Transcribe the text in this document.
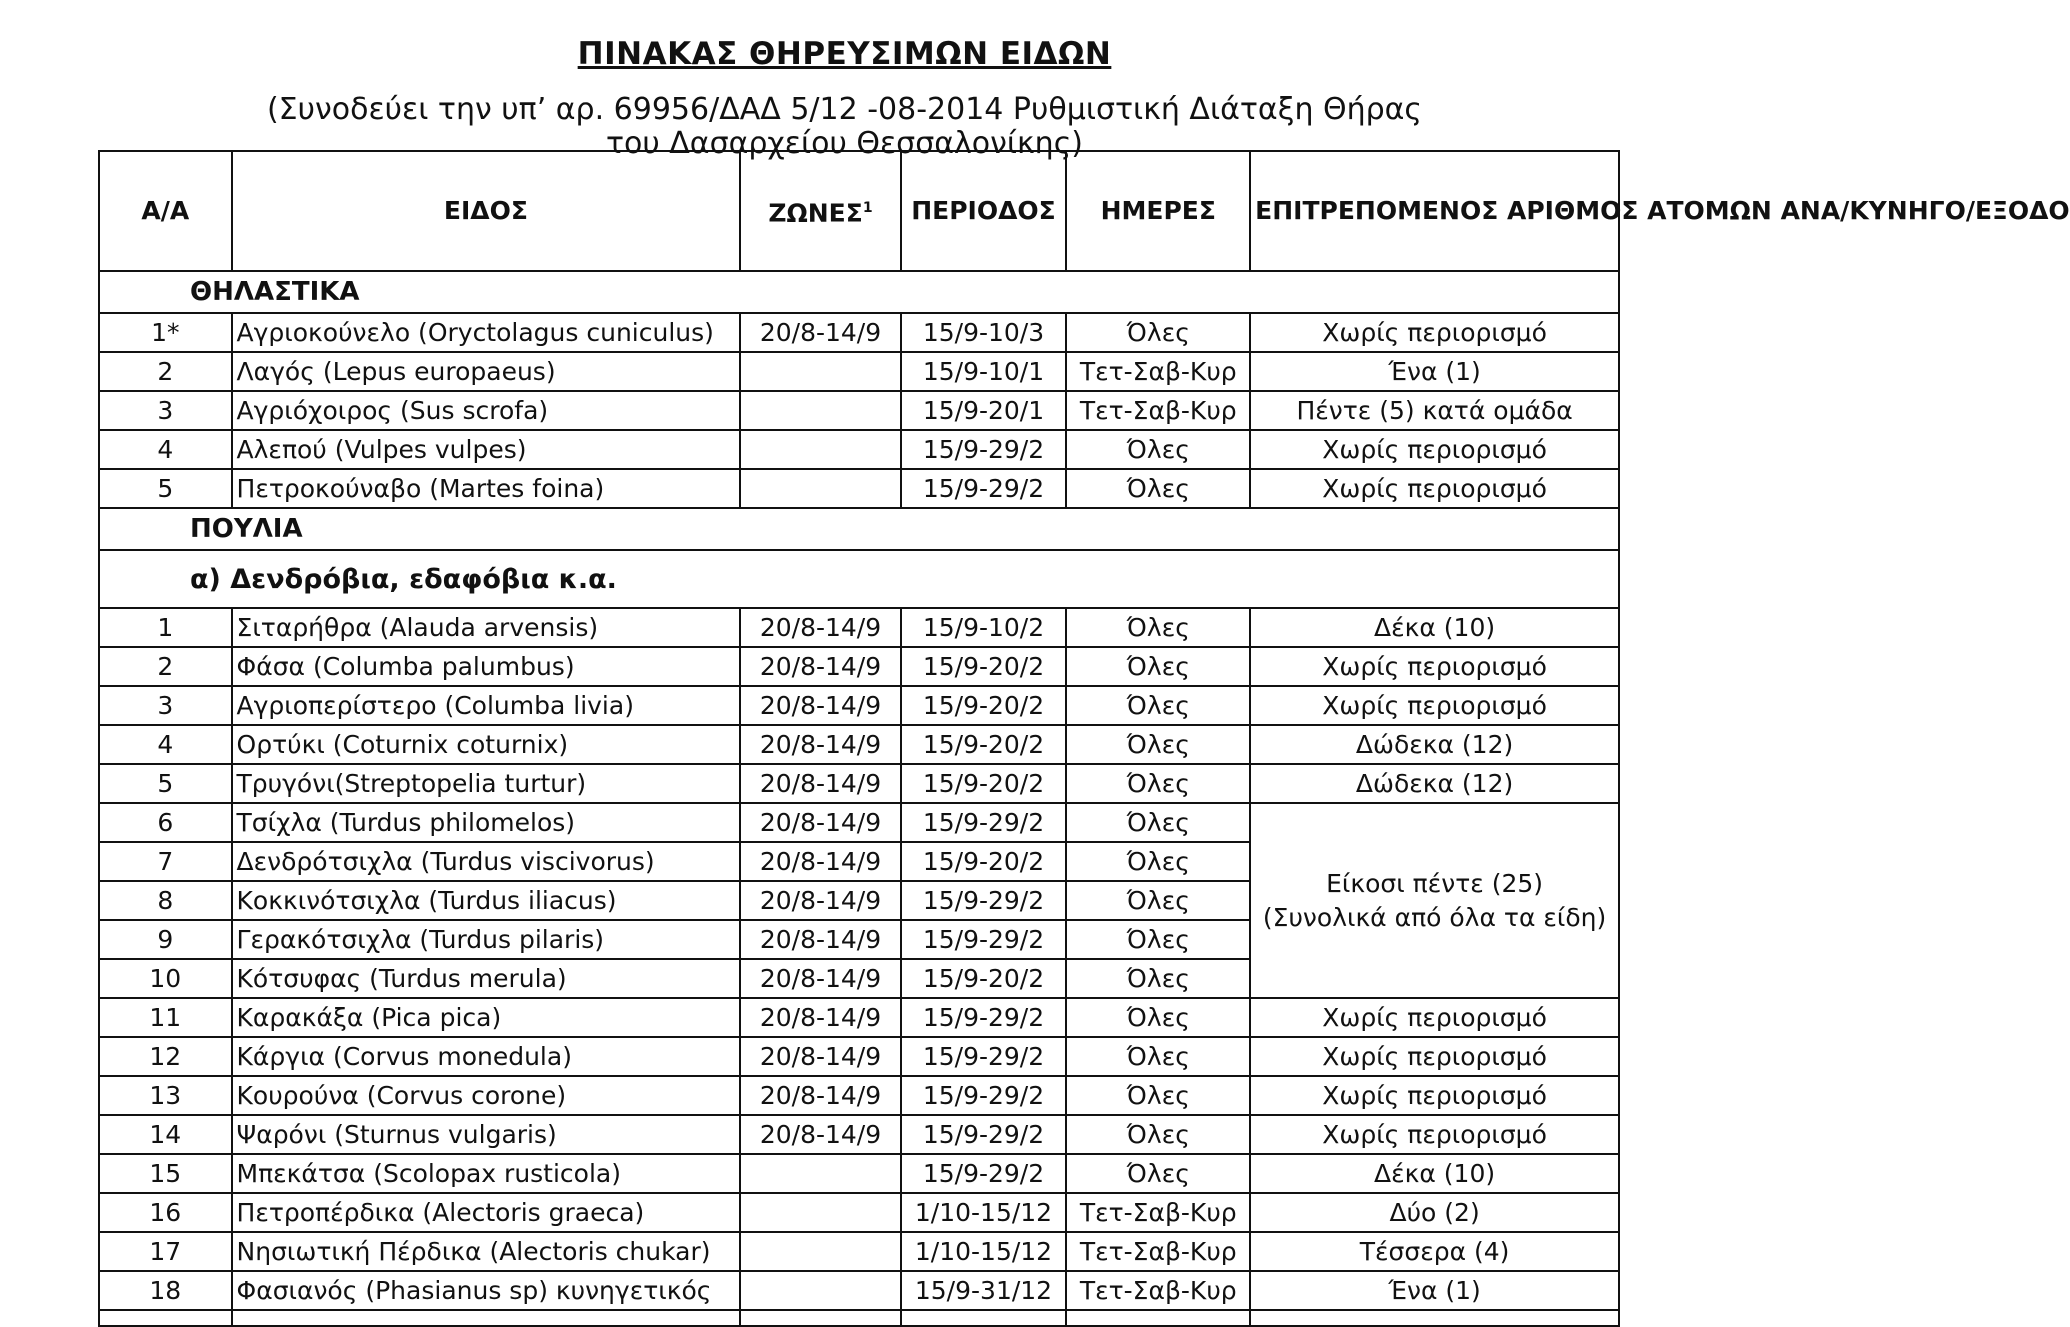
ΠΙΝΑΚΑΣ ΘΗΡΕΥΣΙΜΩΝ ΕΙΔΩΝ
(Συνοδεύει την υπ’ αρ. 69956/ΔΑΔ 5/12 -08-2014 Ρυθμιστική Διάταξη Θήρας
του Δασαρχείου Θεσσαλονίκης)
Α/Α	ΕΙΔΟΣ	ΖΩΝΕΣ$^1$	ΠΕΡΙΟΔΟΣ	ΗΜΕΡΕΣ	ΕΠΙΤΡΕΠΟΜΕΝΟΣ ΑΡΙΘΜΟΣ ΑΤΟΜΩΝ ΑΝΑ/ΚΥΝΗΓΟ/ΕΞΟΔΟ
ΘΗΛΑΣΤΙΚΑ					
1*	Αγριοκούνελο (Oryctolagus cuniculus)	20/8-14/9	15/9-10/3	Όλες	Χωρίς περιορισμό
2	Λαγός (Lepus europaeus)		15/9-10/1	Τετ-Σαβ-Κυρ	Ένα (1)
3	Αγριόχοιρος (Sus scrofa)		15/9-20/1	Τετ-Σαβ-Κυρ	Πέντε (5) κατά ομάδα
4	Αλεπού (Vulpes vulpes)		15/9-29/2	Όλες	Χωρίς περιορισμό
5	Πετροκούναβο (Martes foina)		15/9-29/2	Όλες	Χωρίς περιορισμό
ΠΟΥΛΙΑ					
α) Δενδρόβια, εδαφόβια κ.α.					
1	Σιταρήθρα (Alauda arvensis)	20/8-14/9	15/9-10/2	Όλες	Δέκα (10)
2	Φάσα (Columba palumbus)	20/8-14/9	15/9-20/2	Όλες	Χωρίς περιορισμό
3	Αγριοπερίστερο (Columba livia)	20/8-14/9	15/9-20/2	Όλες	Χωρίς περιορισμό
4	Ορτύκι (Coturnix coturnix)	20/8-14/9	15/9-20/2	Όλες	Δώδεκα (12)
5	Τρυγόνι(Streptopelia turtur)	20/8-14/9	15/9-20/2	Όλες	Δώδεκα (12)
6	Τσίχλα (Turdus philomelos)	20/8-14/9	15/9-29/2	Όλες	Είκοσι πέντε (25)
(Συνολικά από όλα τα είδη)

7	Δενδρότσιχλα (Turdus viscivorus)	20/8-14/9	15/9-20/2	Όλες	
8	Κοκκινότσιχλα (Turdus iliacus)	20/8-14/9	15/9-29/2	Όλες	
9	Γερακότσιχλα (Turdus pilaris)	20/8-14/9	15/9-29/2	Όλες	
10	Κότσυφας (Turdus merula)	20/8-14/9	15/9-20/2	Όλες	
11	Καρακάξα (Pica pica)	20/8-14/9	15/9-29/2	Όλες	Χωρίς περιορισμό
12	Κάργια (Corvus monedula)	20/8-14/9	15/9-29/2	Όλες	Χωρίς περιορισμό
13	Κουρούνα (Corvus corone)	20/8-14/9	15/9-29/2	Όλες	Χωρίς περιορισμό
14	Ψαρόνι (Sturnus vulgaris)	20/8-14/9	15/9-29/2	Όλες	Χωρίς περιορισμό
15	Μπεκάτσα (Scolopax rusticola)		15/9-29/2	Όλες	Δέκα (10)
16	Πετροπέρδικα (Alectoris graeca)		1/10-15/12	Τετ-Σαβ-Κυρ	Δύο (2)
17	Νησιωτική Πέρδικα (Alectoris chukar)		1/10-15/12	Τετ-Σαβ-Κυρ	Τέσσερα (4)
18	Φασιανός (Phasianus sp) κυνηγετικός		15/9-31/12	Τετ-Σαβ-Κυρ	Ένα (1)
